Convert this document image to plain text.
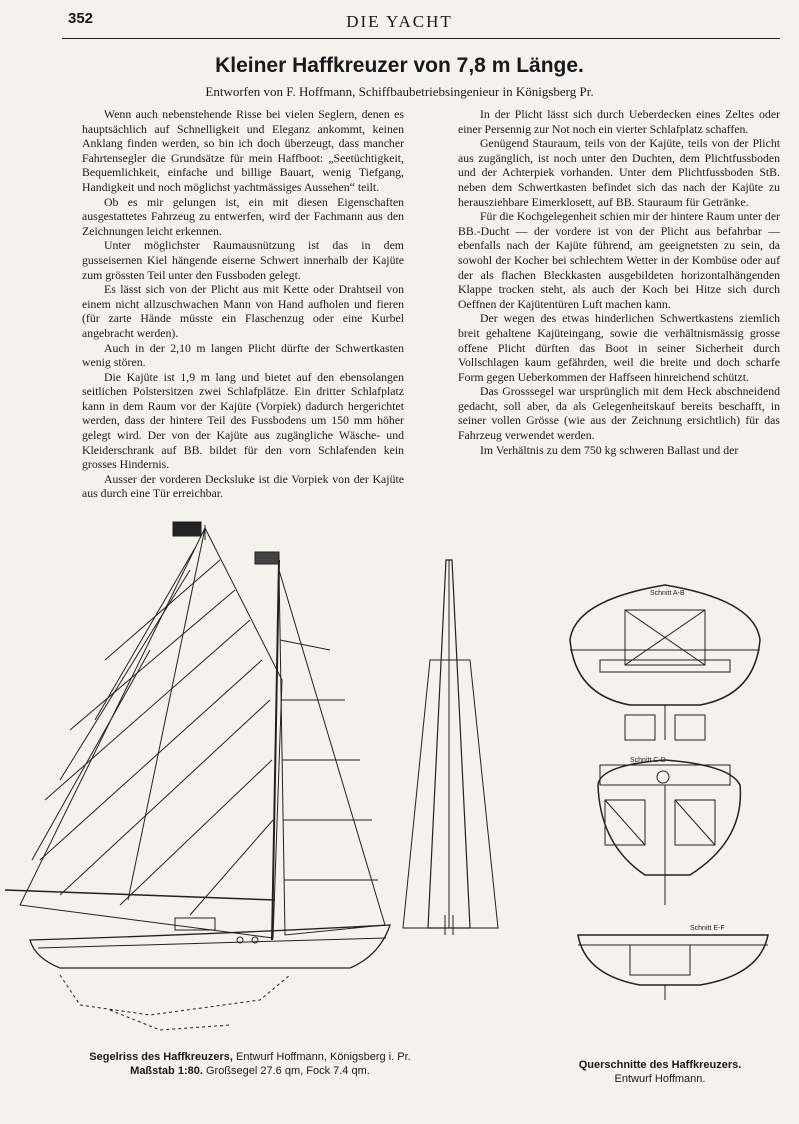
352	DIE YACHT
Kleiner Haffkreuzer von 7,8 m Länge.
Entworfen von F. Hoffmann, Schiffbaubetriebsingenieur in Königsberg Pr.

Wenn auch nebenstehende Risse bei vielen Seglern, denen es hauptsächlich auf Schnelligkeit und Eleganz ankommt, keinen Anklang finden werden, so bin ich doch überzeugt, dass mancher Fahrtensegler die Grundsätze für mein Haffboot: „Seetüchtigkeit, Bequemlichkeit, einfache und billige Bauart, wenig Tiefgang, Handigkeit und noch möglichst yachtmässiges Aussehen“ teilt.

Ob es mir gelungen ist, ein mit diesen Eigenschaften ausgestattetes Fahrzeug zu entwerfen, wird der Fachmann aus den Zeichnungen leicht erkennen.

Unter möglichster Raumausnützung ist das in dem gusseisernen Kiel hängende eiserne Schwert innerhalb der Kajüte zum grössten Teil unter den Fussboden gelegt.

Es lässt sich von der Plicht aus mit Kette oder Drahtseil von einem nicht allzuschwachen Mann von Hand aufholen und fieren (für zarte Hände müsste ein Flaschenzug oder eine Kurbel angebracht werden).

Auch in der 2,10 m langen Plicht dürfte der Schwertkasten wenig stören.

Die Kajüte ist 1,9 m lang und bietet auf den ebensolangen seitlichen Polstersitzen zwei Schlafplätze. Ein dritter Schlafplatz kann in dem Raum vor der Kajüte (Vorpiek) dadurch hergerichtet werden, dass der hintere Teil des Fussbodens um 150 mm höher gelegt wird. Der von der Kajüte aus zugängliche Wäsche- und Kleiderschrank auf BB. bildet für den vorn Schlafenden kein grosses Hindernis.

Ausser der vorderen Decksluke ist die Vorpiek von der Kajüte aus durch eine Tür erreichbar.

In der Plicht lässt sich durch Ueberdecken eines Zeltes oder einer Persennig zur Not noch ein vierter Schlafplatz schaffen.

Genügend Stauraum, teils von der Kajüte, teils von der Plicht aus zugänglich, ist noch unter den Duchten, dem Plichtfussboden und der Achterpiek vorhanden. Unter dem Plichtfussboden StB. neben dem Schwertkasten befindet sich das nach der Kajüte zu herausziehbare Eimerklosett, auf BB. Stauraum für Getränke.

Für die Kochgelegenheit schien mir der hintere Raum unter der BB.-Ducht — der vordere ist von der Plicht aus befahrbar — ebenfalls nach der Kajüte führend, am geeignetsten zu sein, da sowohl der Kocher bei schlechtem Wetter in der Kombüse oder auf der als flachen Bleckkasten ausgebildeten horizontalhängenden Klappe trocken steht, als auch der Koch bei Hitze sich durch Oeffnen der Kajütentüren Luft machen kann.

Der wegen des etwas hinderlichen Schwertkastens ziemlich breit gehaltene Kajüteingang, sowie die verhältnismässig grosse offene Plicht dürften das Boot in seiner Sicherheit durch Vollschlagen kaum gefährden, weil die breite und doch scharfe Form gegen Ueberkommen der Haffseen hinreichend schützt.

Das Grosssegel war ursprünglich mit dem Heck abschneidend gedacht, soll aber, da als Gelegenheitskauf bereits beschafft, in seiner vollen Grösse (wie aus der Zeichnung ersichtlich) für das Fahrzeug verwendet werden.

Im Verhältnis zu dem 750 kg schweren Ballast und der

Schnitt A-B
Schnitt C-D
Schnitt E-F
Segelriss des Haffkreuzers, Entwurf Hoffmann, Königsberg i. Pr.
Maßstab 1:80. Großsegel 27.6 qm, Fock 7.4 qm.	Querschnitte des Haffkreuzers.
Entwurf Hoffmann.
